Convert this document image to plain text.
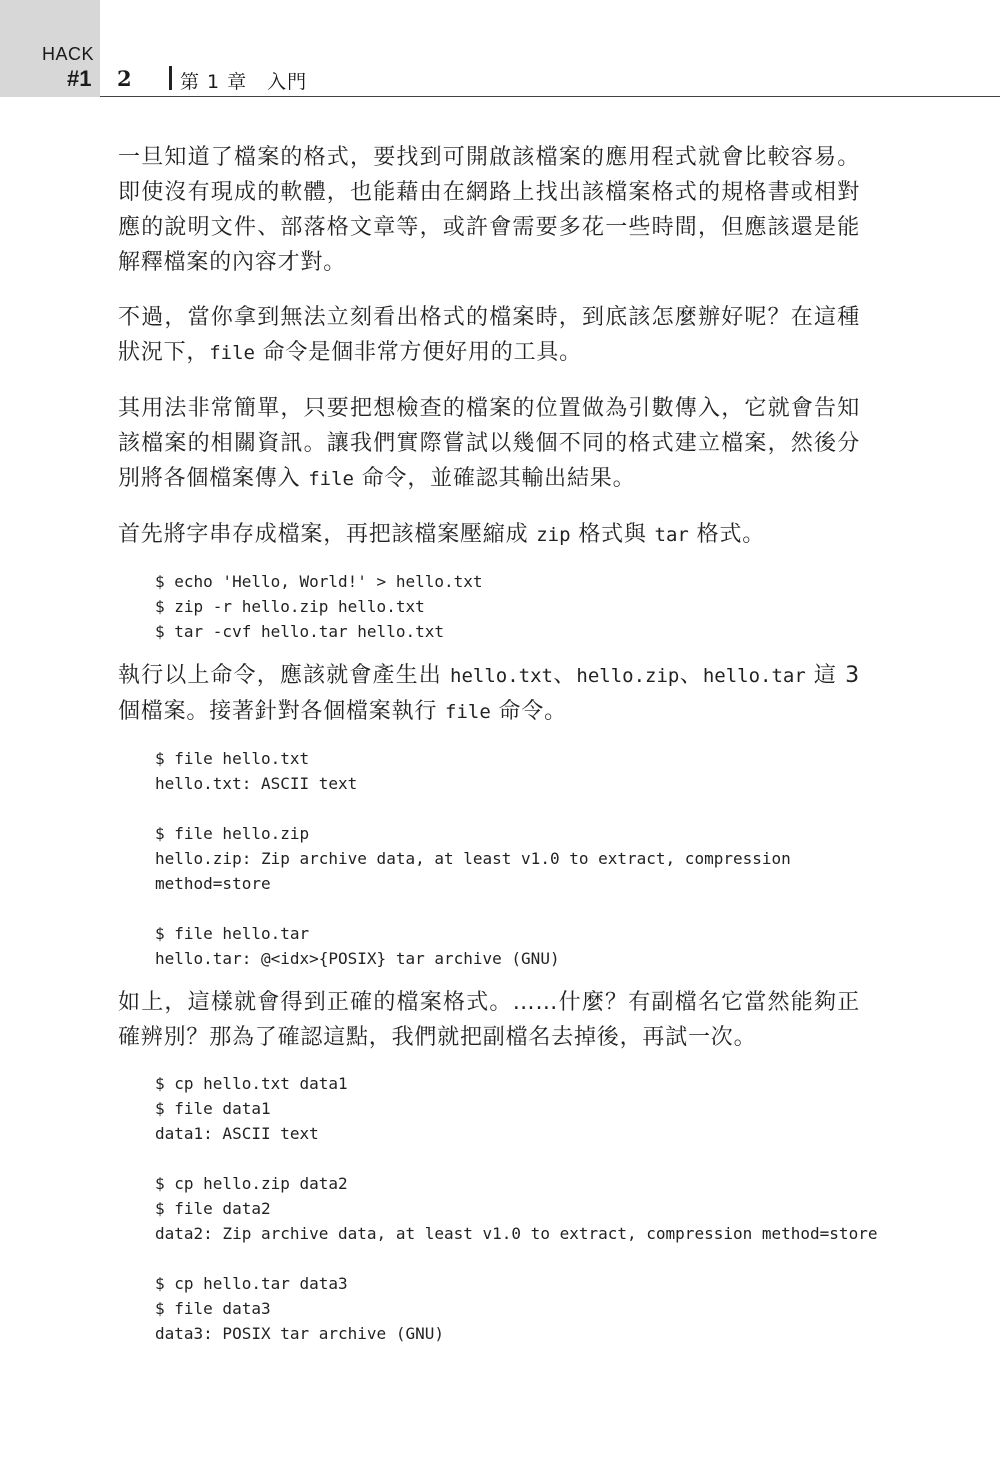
HACK
#1 2	第 1 章　入門

一旦知道了檔案的格式，要找到可開啟該檔案的應用程式就會比較容易。即使沒有現成的軟體，也能藉由在網路上找出該檔案格式的規格書或相對應的說明文件、部落格文章等，或許會需要多花一些時間，但應該還是能解釋檔案的內容才對。

不過，當你拿到無法立刻看出格式的檔案時，到底該怎麼辦好呢？在這種狀況下，file 命令是個非常方便好用的工具。

其用法非常簡單，只要把想檢查的檔案的位置做為引數傳入，它就會告知該檔案的相關資訊。讓我們實際嘗試以幾個不同的格式建立檔案，然後分別將各個檔案傳入 file 命令，並確認其輸出結果。

首先將字串存成檔案，再把該檔案壓縮成 zip 格式與 tar 格式。

$ echo 'Hello, World!' > hello.txt
$ zip -r hello.zip hello.txt
$ tar -cvf hello.tar hello.txt

執行以上命令，應該就會產生出 hello.txt、hello.zip、hello.tar 這 3 個檔案。接著針對各個檔案執行 file 命令。

$ file hello.txt
hello.txt: ASCII text
$ file hello.zip
hello.zip: Zip archive data, at least v1.0 to extract, compression
method=store
$ file hello.tar
hello.tar: @<idx>{POSIX} tar archive (GNU)

如上，這樣就會得到正確的檔案格式。……什麼？有副檔名它當然能夠正確辨別？那為了確認這點，我們就把副檔名去掉後，再試一次。

$ cp hello.txt data1
$ file data1
data1: ASCII text
$ cp hello.zip data2
$ file data2
data2: Zip archive data, at least v1.0 to extract, compression method=store
$ cp hello.tar data3
$ file data3
data3: POSIX tar archive (GNU)
